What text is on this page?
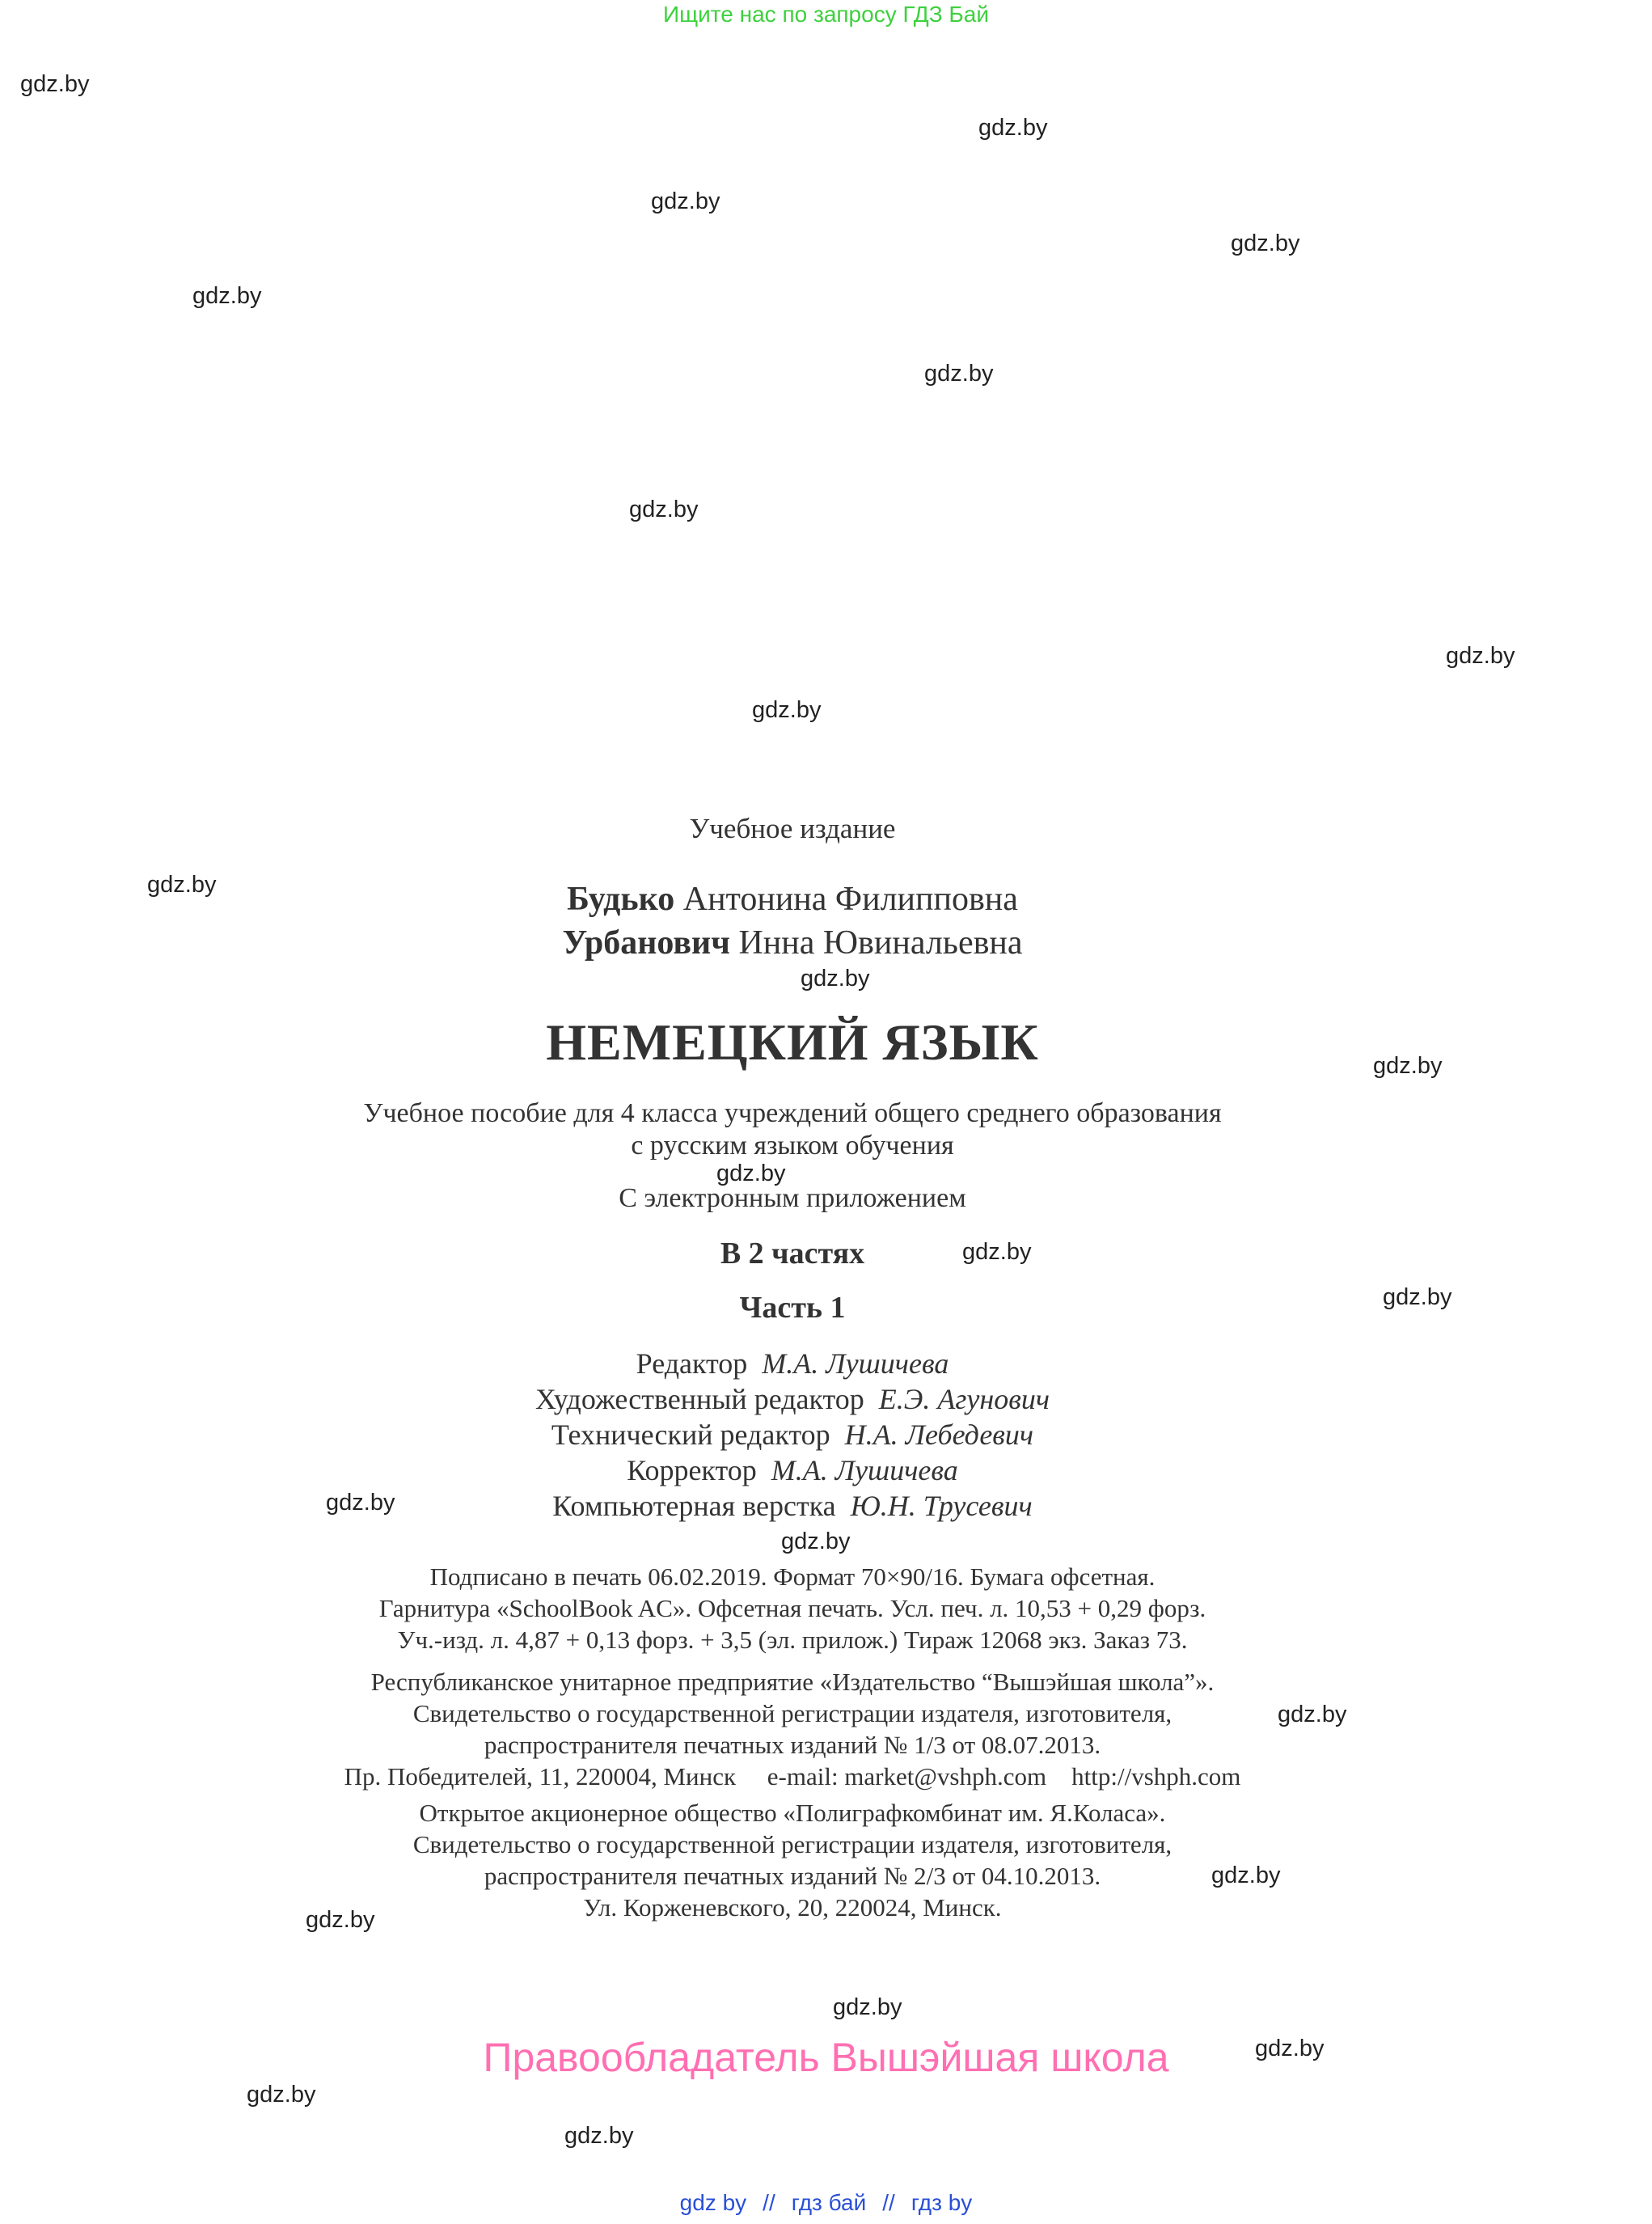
Ищите нас по запросу ГДЗ Бай
gdz.by
gdz.by
gdz.by
gdz.by
gdz.by
gdz.by
gdz.by
gdz.by
gdz.by
gdz.by
gdz.by
gdz.by
gdz.by
gdz.by
gdz.by
gdz.by
gdz.by
gdz.by
gdz.by
gdz.by
gdz.by
gdz.by
gdz.by
gdz.by
Учебное издание
Будько Антонина Филипповна
Урбанович Инна Ювинальевна
НЕМЕЦКИЙ ЯЗЫК
Учебное пособие для 4 класса учреждений общего среднего образования
с русским языком обучения
С электронным приложением
В 2 частях
Часть 1
Редактор М.А. Лушичева
Художественный редактор Е.Э. Агунович
Технический редактор Н.А. Лебедевич
Корректор М.А. Лушичева
Компьютерная верстка Ю.Н. Трусевич
Подписано в печать 06.02.2019. Формат 70×90/16. Бумага офсетная.
Гарнитура «SchoolBook AC». Офсетная печать. Усл. печ. л. 10,53 + 0,29 форз.
Уч.-изд. л. 4,87 + 0,13 форз. + 3,5 (эл. прилож.) Тираж 12068 экз. Заказ 73.
Республиканское унитарное предприятие «Издательство “Вышэйшая школа”».
Свидетельство о государственной регистрации издателя, изготовителя,
распространителя печатных изданий № 1/3 от 08.07.2013.
Пр. Победителей, 11, 220004, Минск e-mail: market@vshph.com http://vshph.com
Открытое акционерное общество «Полиграфкомбинат им. Я.Коласа».
Свидетельство о государственной регистрации издателя, изготовителя,
распространителя печатных изданий № 2/3 от 04.10.2013.
Ул. Корженевского, 20, 220024, Минск.
Правообладатель Вышэйшая школа
gdz by // гдз бай // гдз by
